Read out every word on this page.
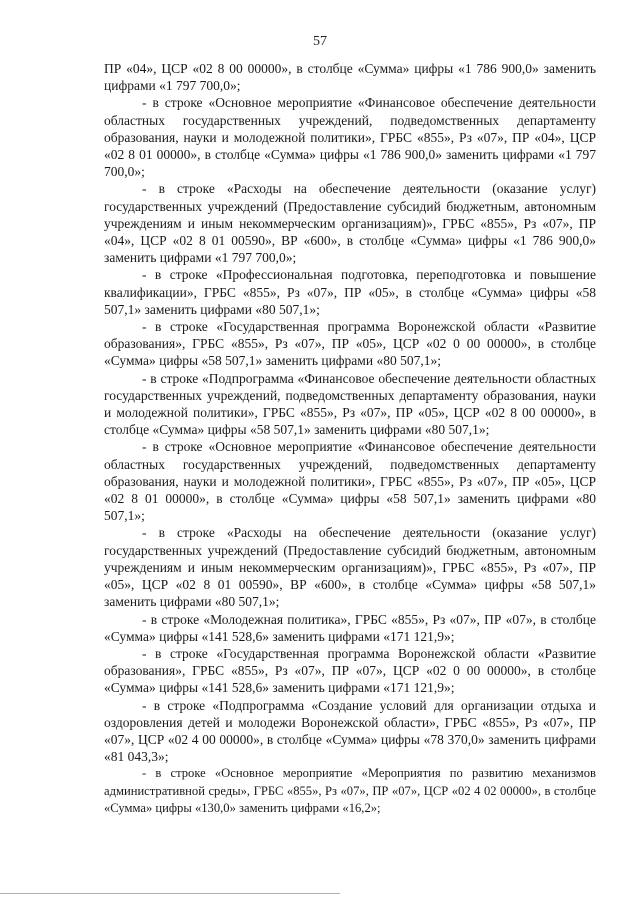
57

ПР «04», ЦСР «02 8 00 00000», в столбце «Сумма» цифры «1 786 900,0» заменить цифрами «1 797 700,0»;

- в строке «Основное мероприятие «Финансовое обеспечение деятельности областных государственных учреждений, подведомственных департаменту образования, науки и молодежной политики», ГРБС «855», Рз «07», ПР «04», ЦСР «02 8 01 00000», в столбце «Сумма» цифры «1 786 900,0» заменить цифрами «1 797 700,0»;

- в строке «Расходы на обеспечение деятельности (оказание услуг) государственных учреждений (Предоставление субсидий бюджетным, автономным учреждениям и иным некоммерческим организациям)», ГРБС «855», Рз «07», ПР «04», ЦСР «02 8 01 00590», ВР «600», в столбце «Сумма» цифры «1 786 900,0» заменить цифрами «1 797 700,0»;

- в строке «Профессиональная подготовка, переподготовка и повышение квалификации», ГРБС «855», Рз «07», ПР «05», в столбце «Сумма» цифры «58 507,1» заменить цифрами «80 507,1»;

- в строке «Государственная программа Воронежской области «Развитие образования», ГРБС «855», Рз «07», ПР «05», ЦСР «02 0 00 00000», в столбце «Сумма» цифры «58 507,1» заменить цифрами «80 507,1»;

- в строке «Подпрограмма «Финансовое обеспечение деятельности областных государственных учреждений, подведомственных департаменту образования, науки и молодежной политики», ГРБС «855», Рз «07», ПР «05», ЦСР «02 8 00 00000», в столбце «Сумма» цифры «58 507,1» заменить цифрами «80 507,1»;

- в строке «Основное мероприятие «Финансовое обеспечение деятельности областных государственных учреждений, подведомственных департаменту образования, науки и молодежной политики», ГРБС «855», Рз «07», ПР «05», ЦСР «02 8 01 00000», в столбце «Сумма» цифры «58 507,1» заменить цифрами «80 507,1»;

- в строке «Расходы на обеспечение деятельности (оказание услуг) государственных учреждений (Предоставление субсидий бюджетным, автономным учреждениям и иным некоммерческим организациям)», ГРБС «855», Рз «07», ПР «05», ЦСР «02 8 01 00590», ВР «600», в столбце «Сумма» цифры «58 507,1» заменить цифрами «80 507,1»;

- в строке «Молодежная политика», ГРБС «855», Рз «07», ПР «07», в столбце «Сумма» цифры «141 528,6» заменить цифрами «171 121,9»;

- в строке «Государственная программа Воронежской области «Развитие образования», ГРБС «855», Рз «07», ПР «07», ЦСР «02 0 00 00000», в столбце «Сумма» цифры «141 528,6» заменить цифрами «171 121,9»;

- в строке «Подпрограмма «Создание условий для организации отдыха и оздоровления детей и молодежи Воронежской области», ГРБС «855», Рз «07», ПР «07», ЦСР «02 4 00 00000», в столбце «Сумма» цифры «78 370,0» заменить цифрами «81 043,3»;

- в строке «Основное мероприятие «Мероприятия по развитию механизмов административной среды», ГРБС «855», Рз «07», ПР «07», ЦСР «02 4 02 00000», в столбце «Сумма» цифры «130,0» заменить цифрами «16,2»;
